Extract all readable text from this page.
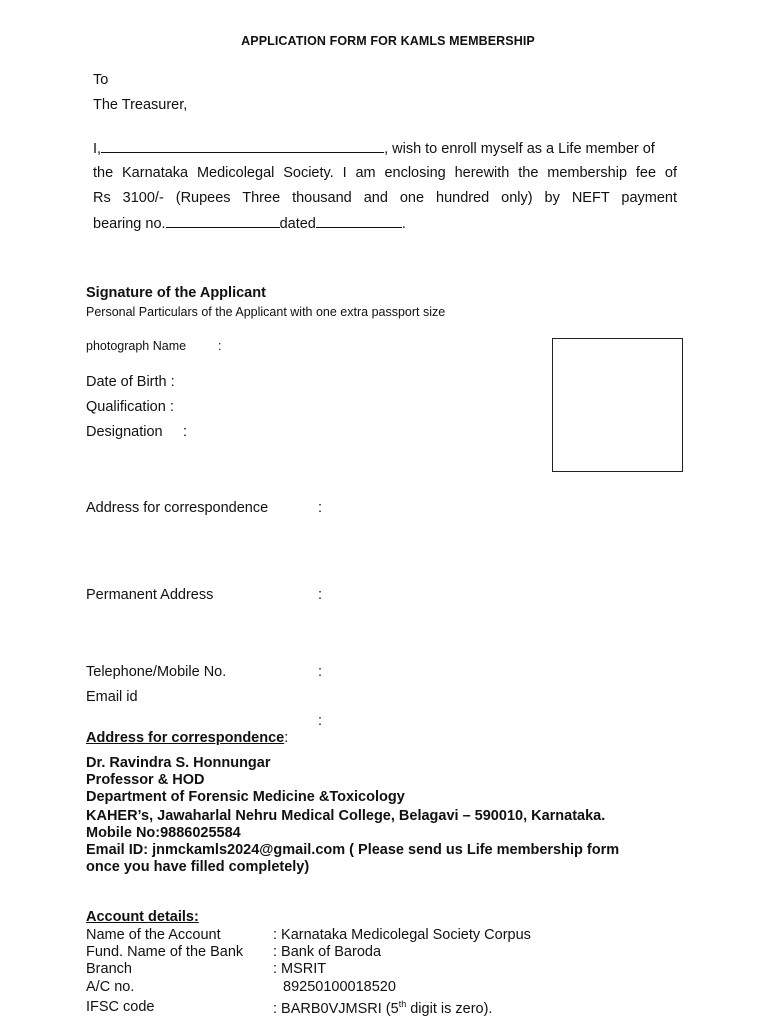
APPLICATION FORM FOR KAMLS MEMBERSHIP
To
The Treasurer,
I,	, wish to enroll myself as a Life member of
the Karnataka Medicolegal Society. I am enclosing herewith the membership fee of
Rs 3100/- (Rupees Three thousand and one hundred only) by NEFT payment
bearing no.	dated	.
Signature of the Applicant
Personal Particulars of the Applicant with one extra passport size
photograph Name	:
Date of Birth :
Qualification :
Designation :
Address for correspondence	:
Permanent Address	:
Telephone/Mobile No.	:
Email id
:
Address for correspondence:
Dr. Ravindra S. Honnungar
Professor & HOD
Department of Forensic Medicine &Toxicology
KAHER’s, Jawaharlal Nehru Medical College, Belagavi – 590010, Karnataka.
Mobile No:9886025584
Email ID: jnmckamls2024@gmail.com ( Please send us Life membership form
once you have filled completely)
Account details:
Name of the Account	: Karnataka Medicolegal Society Corpus
Fund. Name of the Bank : Bank of Baroda
Branch	: MSRIT
A/C no.	89250100018520
IFSC code	: BARB0VJMSRI (5th digit is zero).
